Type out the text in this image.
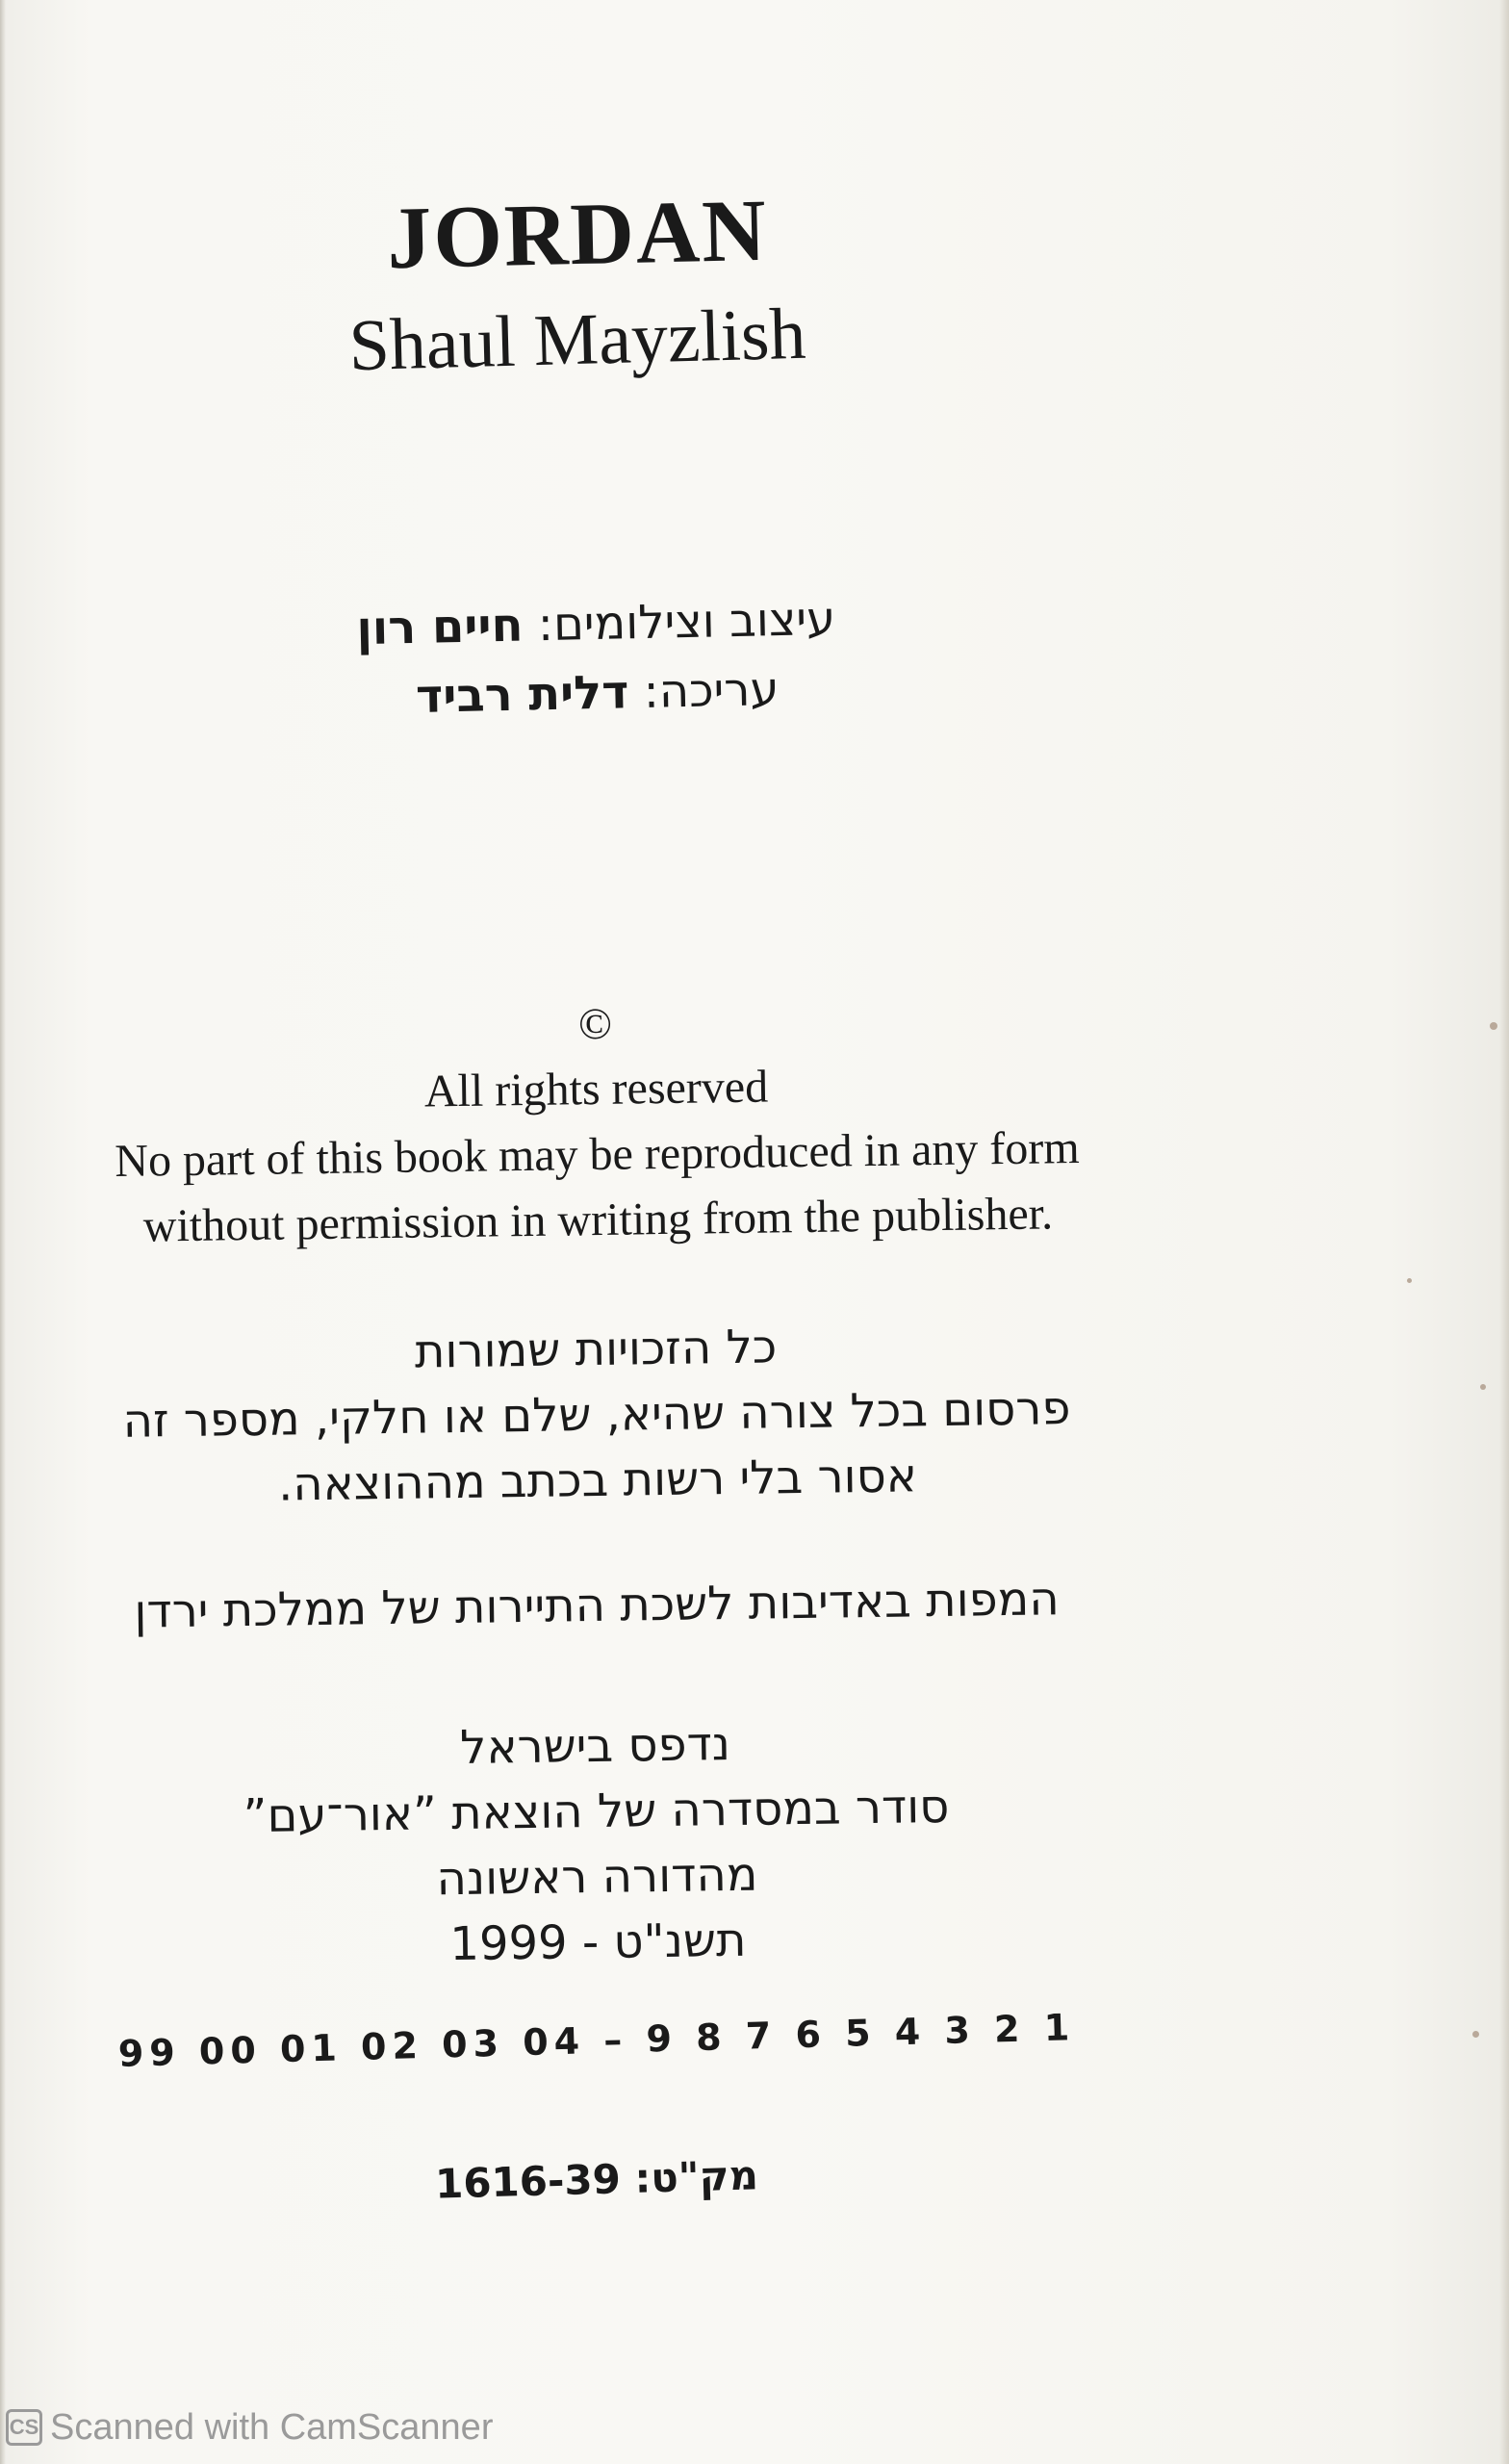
JORDAN
Shaul Mayzlish
עיצוב וצילומים: חיים רון
עריכה: דלית רביד
©
All rights reserved
No part of this book may be reproduced in any form
without permission in writing from the publisher.
כל הזכויות שמורות
פרסום בכל צורה שהיא, שלם או חלקי, מספר זה
אסור בלי רשות בכתב מההוצאה.
המפות באדיבות לשכת התיירות של ממלכת ירדן
נדפס בישראל
סודר במסדרה של הוצאת ”אור־עם”
מהדורה ראשונה
תשנ"ט - 1999
99 00 01 02 03 04 – 9 8 7 6 5 4 3 2 1
מק"ט: 1616-39
CS Scanned with CamScanner
